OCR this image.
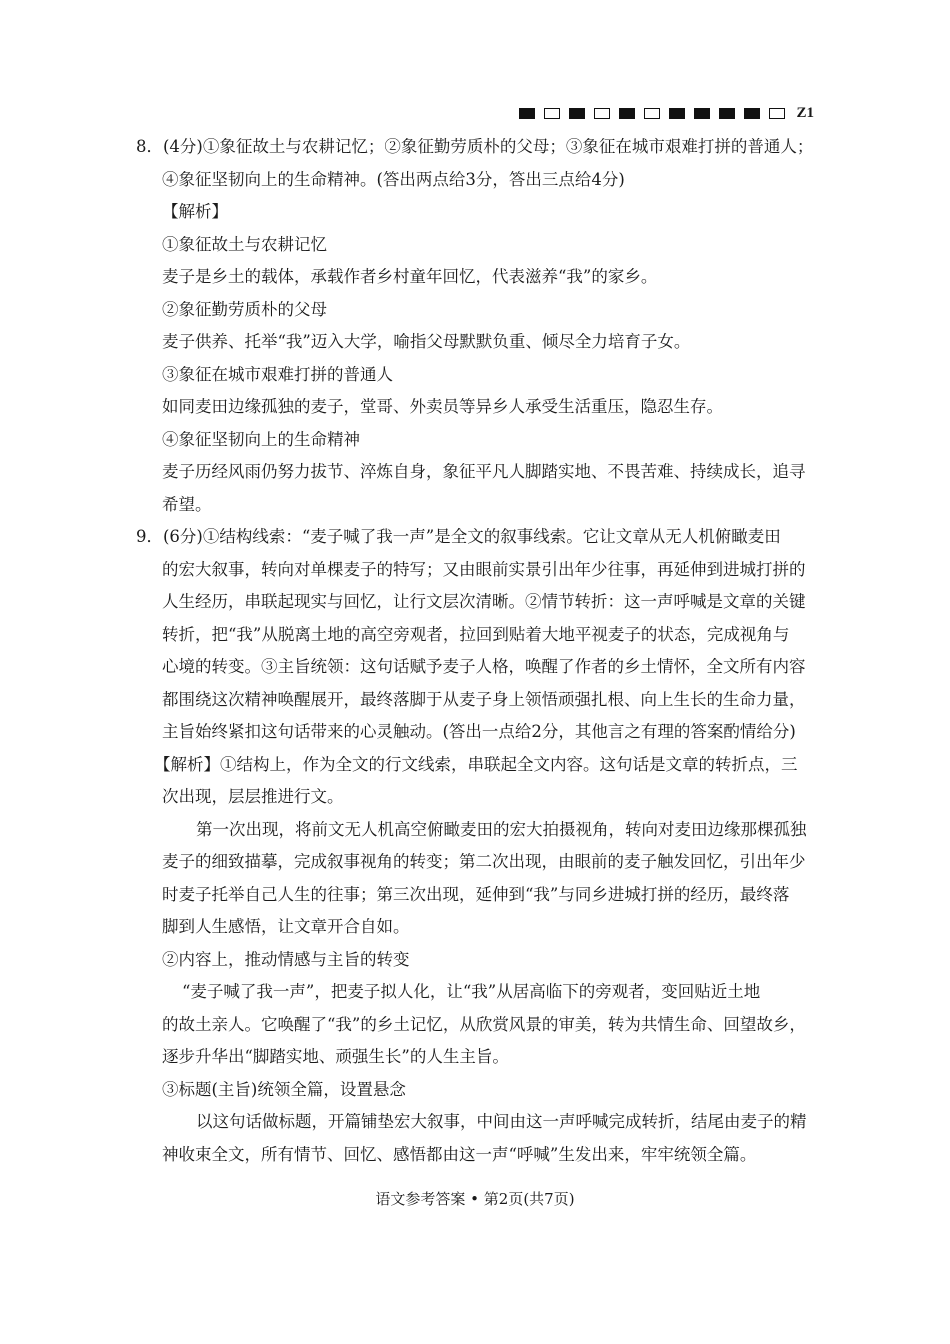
Z1
8．(4分)①象征故土与农耕记忆；②象征勤劳质朴的父母；③象征在城市艰难打拼的普通人；
④象征坚韧向上的生命精神。(答出两点给3分，答出三点给4分)
【解析】
①象征故土与农耕记忆
麦子是乡土的载体，承载作者乡村童年回忆，代表滋养“我”的家乡。
②象征勤劳质朴的父母
麦子供养、托举“我”迈入大学，喻指父母默默负重、倾尽全力培育子女。
③象征在城市艰难打拼的普通人
如同麦田边缘孤独的麦子，堂哥、外卖员等异乡人承受生活重压，隐忍生存。
④象征坚韧向上的生命精神
麦子历经风雨仍努力拔节、淬炼自身，象征平凡人脚踏实地、不畏苦难、持续成长，追寻
希望。
9．(6分)①结构线索：“麦子喊了我一声”是全文的叙事线索。它让文章从无人机俯瞰麦田
的宏大叙事，转向对单棵麦子的特写；又由眼前实景引出年少往事，再延伸到进城打拼的
人生经历，串联起现实与回忆，让行文层次清晰。②情节转折：这一声呼喊是文章的关键
转折，把“我”从脱离土地的高空旁观者，拉回到贴着大地平视麦子的状态，完成视角与
心境的转变。③主旨统领：这句话赋予麦子人格，唤醒了作者的乡土情怀，全文所有内容
都围绕这次精神唤醒展开，最终落脚于从麦子身上领悟顽强扎根、向上生长的生命力量，
主旨始终紧扣这句话带来的心灵触动。(答出一点给2分，其他言之有理的答案酌情给分)
【解析】①结构上，作为全文的行文线索，串联起全文内容。这句话是文章的转折点，三
次出现，层层推进行文。
第一次出现，将前文无人机高空俯瞰麦田的宏大拍摄视角，转向对麦田边缘那棵孤独
麦子的细致描摹，完成叙事视角的转变；第二次出现，由眼前的麦子触发回忆，引出年少
时麦子托举自己人生的往事；第三次出现，延伸到“我”与同乡进城打拼的经历，最终落
脚到人生感悟，让文章开合自如。
②内容上，推动情感与主旨的转变
“麦子喊了我一声”，把麦子拟人化，让“我”从居高临下的旁观者，变回贴近土地
的故土亲人。它唤醒了“我”的乡土记忆，从欣赏风景的审美，转为共情生命、回望故乡，
逐步升华出“脚踏实地、顽强生长”的人生主旨。
③标题(主旨)统领全篇，设置悬念
以这句话做标题，开篇铺垫宏大叙事，中间由这一声呼喊完成转折，结尾由麦子的精
神收束全文，所有情节、回忆、感悟都由这一声“呼喊”生发出来，牢牢统领全篇。
语文参考答案 • 第2页(共7页)
